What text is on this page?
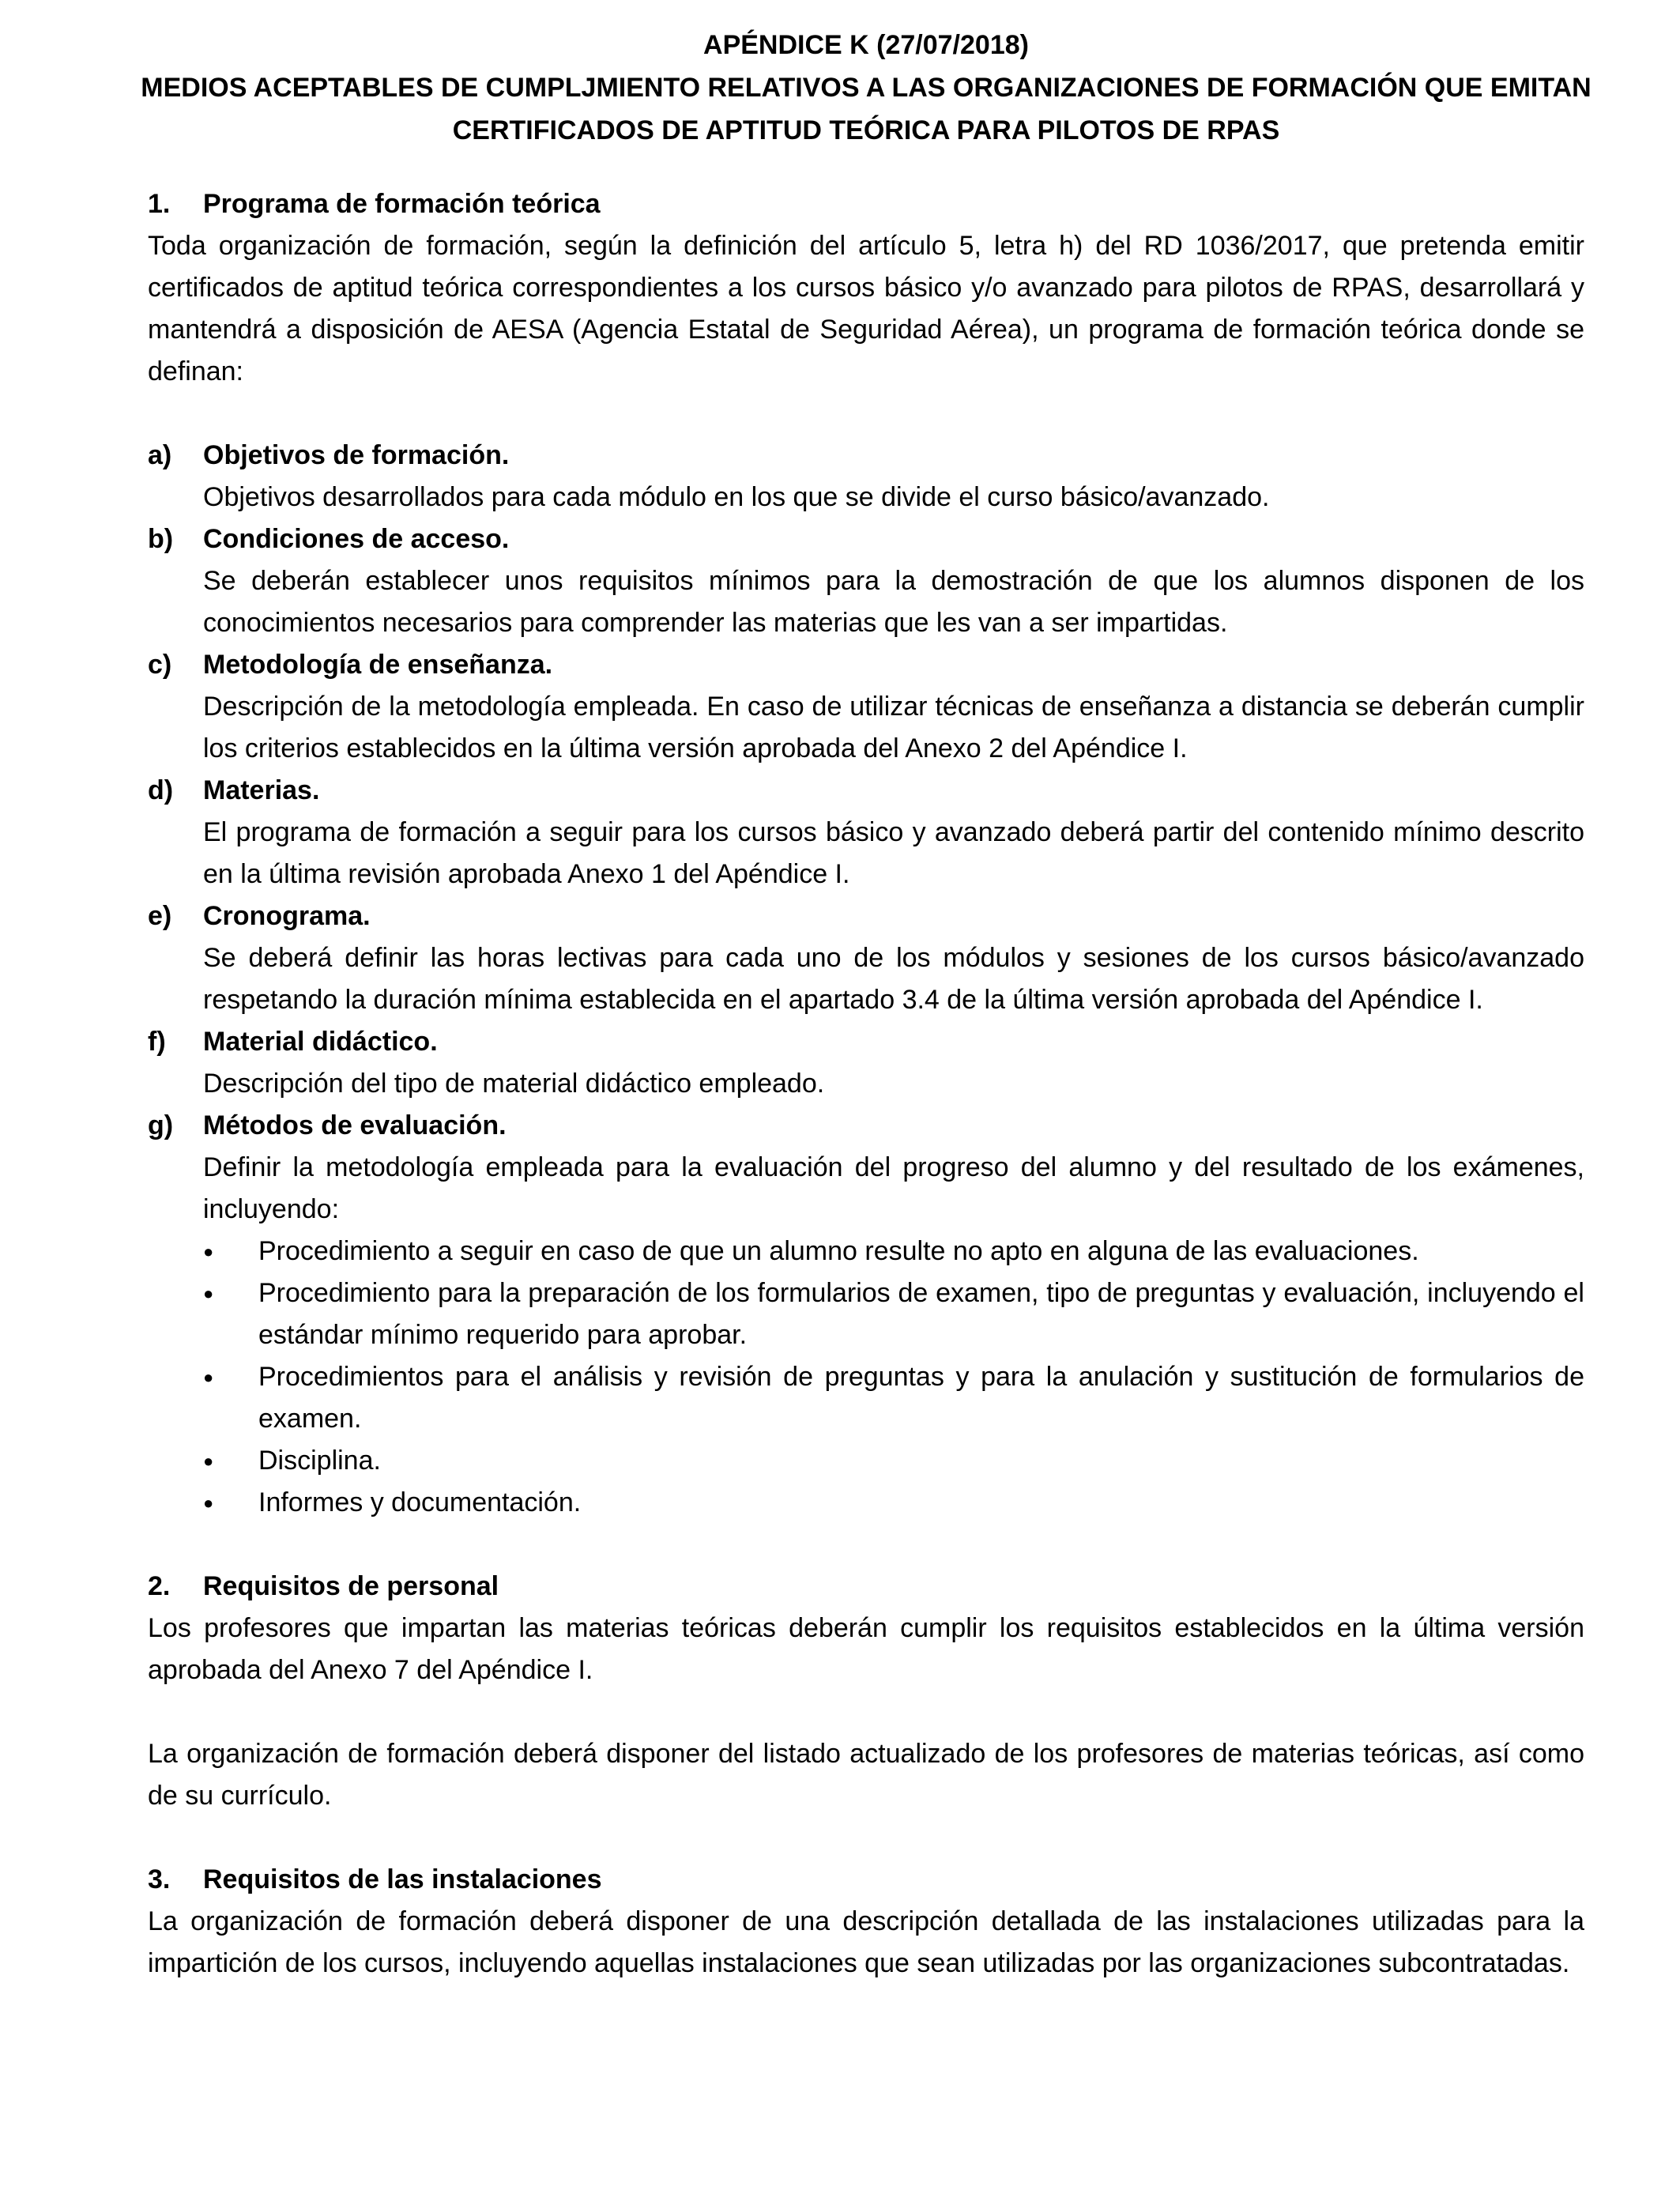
APÉNDICE K (27/07/2018)
MEDIOS ACEPTABLES DE CUMPLJMIENTO RELATIVOS A LAS ORGANIZACIONES DE FORMACIÓN QUE EMITAN
CERTIFICADOS DE APTITUD TEÓRICA PARA PILOTOS DE RPAS
1.	Programa de formación teórica

Toda organización de formación, según la definición del artículo 5, letra h) del RD 1036/2017, que pretenda emitir certificados de aptitud teórica correspondientes a los cursos básico y/o avanzado para pilotos de RPAS, desarrollará y mantendrá a disposición de AESA (Agencia Estatal de Seguridad Aérea), un programa de formación teórica donde se definan:

a)	Objetivos de formación.
Objetivos desarrollados para cada módulo en los que se divide el curso básico/avanzado.
b)	Condiciones de acceso.
Se deberán establecer unos requisitos mínimos para la demostración de que los alumnos disponen de los conocimientos necesarios para comprender las materias que les van a ser impartidas.
c)	Metodología de enseñanza.
Descripción de la metodología empleada. En caso de utilizar técnicas de enseñanza a distancia se deberán cumplir los criterios establecidos en la última versión aprobada del Anexo 2 del Apéndice I.
d)	Materias.
El programa de formación a seguir para los cursos básico y avanzado deberá partir del contenido mínimo descrito en la última revisión aprobada Anexo 1 del Apéndice I.
e)	Cronograma.
Se deberá definir las horas lectivas para cada uno de los módulos y sesiones de los cursos básico/avanzado respetando la duración mínima establecida en el apartado 3.4 de la última versión aprobada del Apéndice I.
f)	Material didáctico.
Descripción del tipo de material didáctico empleado.
g)	Métodos de evaluación.
Definir la metodología empleada para la evaluación del progreso del alumno y del resultado de los exámenes, incluyendo:
●	Procedimiento a seguir en caso de que un alumno resulte no apto en alguna de las evaluaciones.
●	Procedimiento para la preparación de los formularios de examen, tipo de preguntas y evaluación, incluyendo el estándar mínimo requerido para aprobar.
●	Procedimientos para el análisis y revisión de preguntas y para la anulación y sustitución de formularios de examen.
●	Disciplina.
●	Informes y documentación.
2.	Requisitos de personal

Los profesores que impartan las materias teóricas deberán cumplir los requisitos establecidos en la última versión aprobada del Anexo 7 del Apéndice I.

La organización de formación deberá disponer del listado actualizado de los profesores de materias teóricas, así como de su currículo.

3.	Requisitos de las instalaciones

La organización de formación deberá disponer de una descripción detallada de las instalaciones utilizadas para la impartición de los cursos, incluyendo aquellas instalaciones que sean utilizadas por las organizaciones subcontratadas.
